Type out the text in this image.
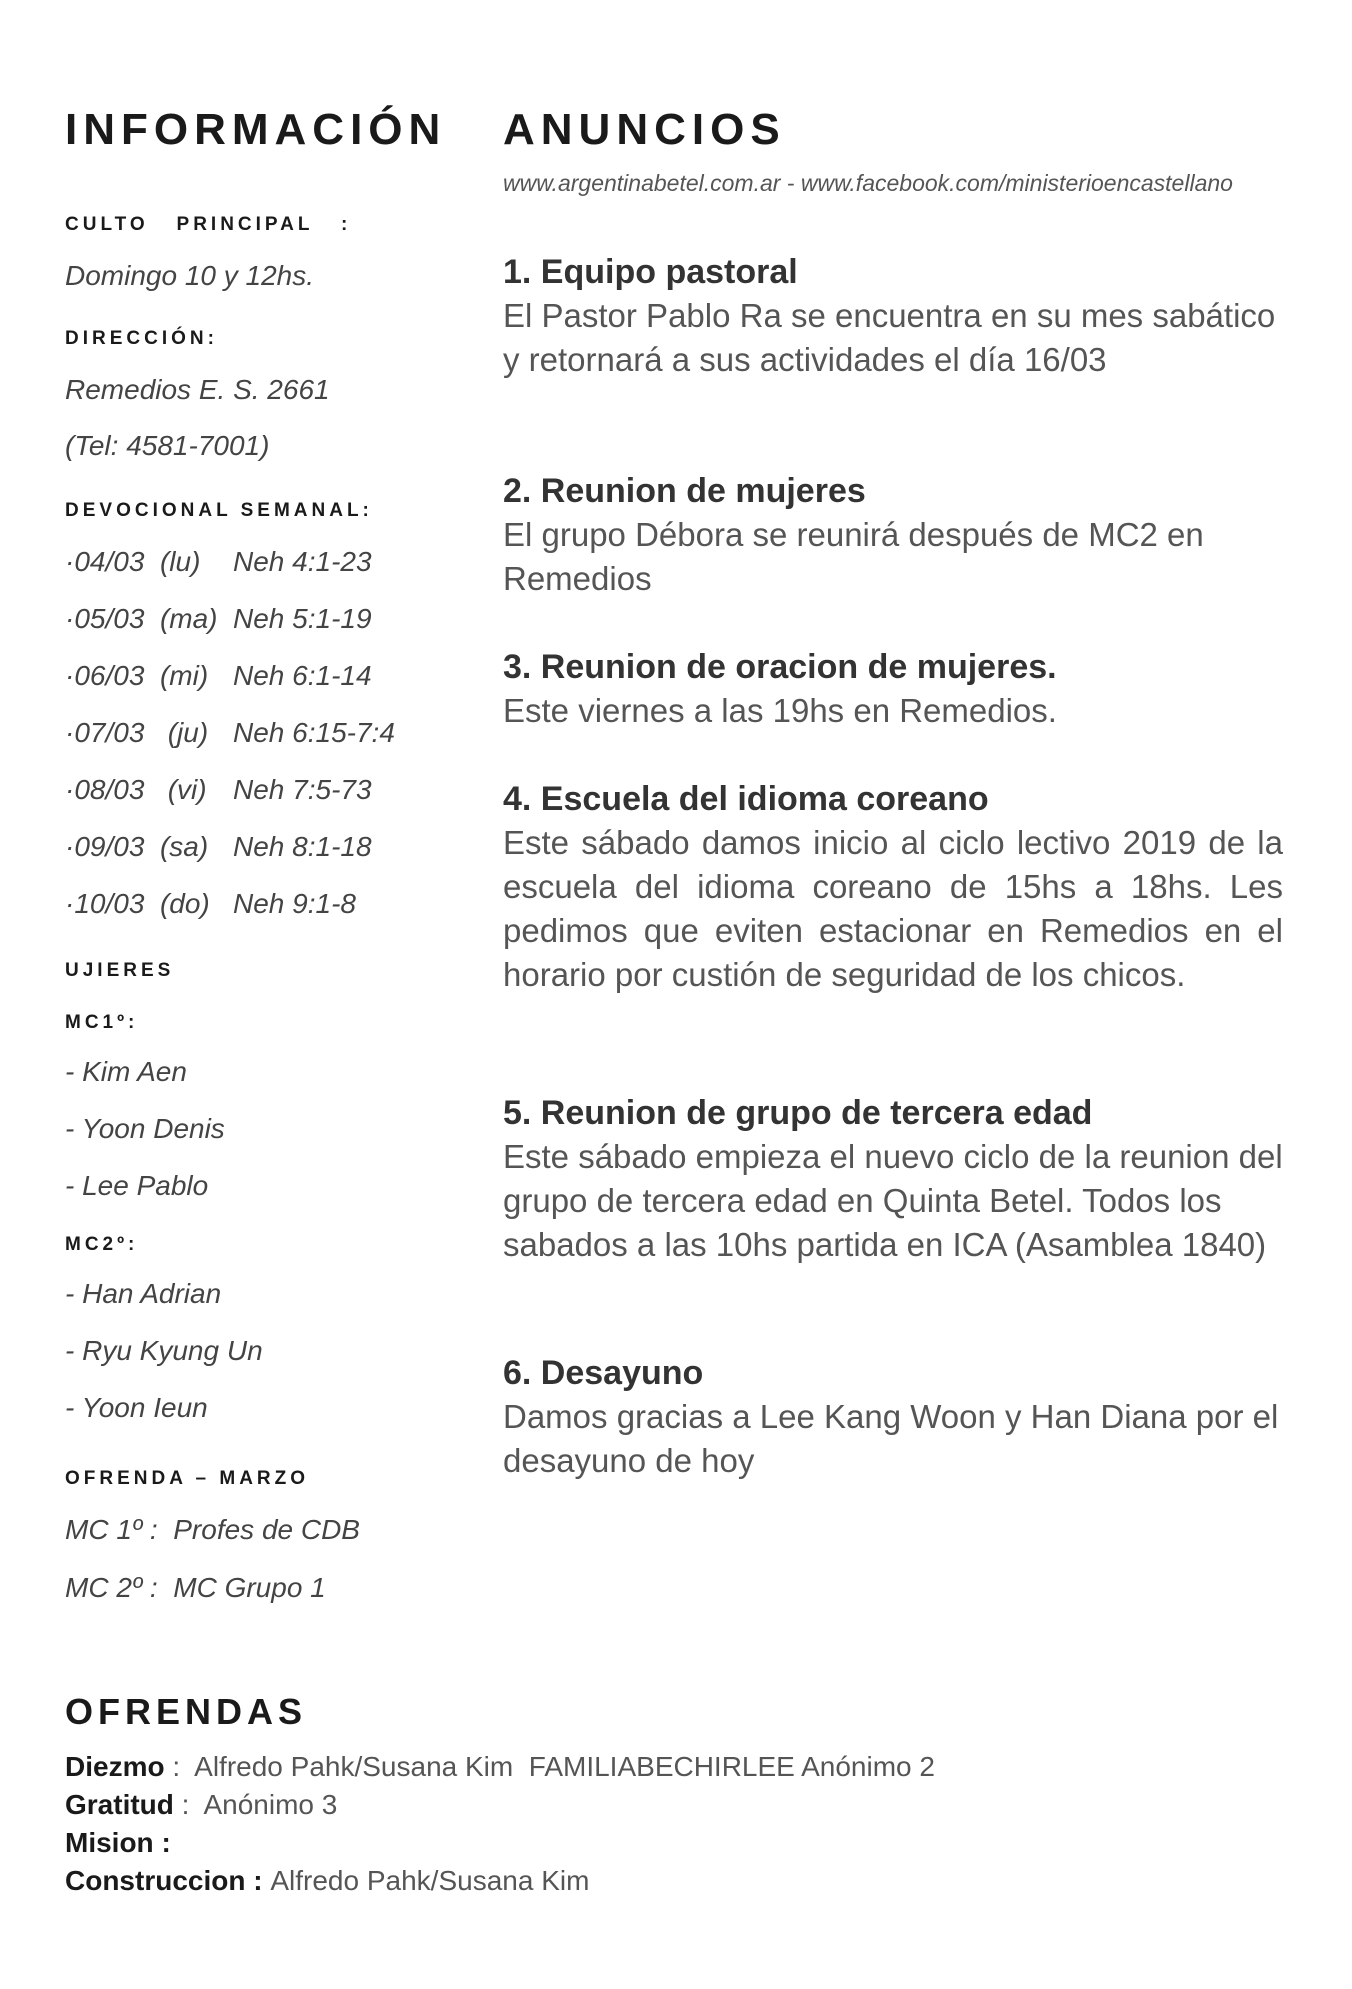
INFORMACIÓN
CULTO   PRINCIPAL   :
Domingo 10 y 12hs.
DIRECCIÓN:
Remedios E. S. 2661
(Tel: 4581-7001)
DEVOCIONAL SEMANAL:
·04/03  (lu) Neh 4:1-23
·05/03  (ma) Neh 5:1-19
·06/03  (mi) Neh 6:1-14
·07/03   (ju) Neh 6:15-7:4
·08/03   (vi) Neh 7:5-73
·09/03  (sa) Neh 8:1-18
·10/03  (do) Neh 9:1-8
UJIERES
MC1º:
- Kim Aen
- Yoon Denis
- Lee Pablo
MC2º:
- Han Adrian
- Ryu Kyung Un
- Yoon Ieun
OFRENDA – MARZO
MC 1º :  Profes de CDB
MC 2º :  MC Grupo 1
ANUNCIOS
www.argentinabetel.com.ar - www.facebook.com/ministerioencastellano
1. Equipo pastoral
El Pastor Pablo Ra se encuentra en su mes sabático y retornará a sus actividades el día 16/03
2. Reunion de mujeres
El grupo Débora se reunirá después de MC2 en Remedios
3. Reunion de oracion de mujeres.
Este viernes a las 19hs en Remedios.
4. Escuela del idioma coreano
Este sábado damos inicio al ciclo lectivo 2019 de la escuela del idioma coreano de 15hs a 18hs. Les pedimos que eviten estacionar en Remedios en el horario por custión de seguridad de los chicos.
5. Reunion de grupo de tercera edad
Este sábado empieza el nuevo ciclo de la reunion del grupo de tercera edad en Quinta Betel. Todos los sabados a las 10hs partida en ICA (Asamblea 1840)
6. Desayuno
Damos gracias a Lee Kang Woon y Han Diana por el desayuno de hoy
OFRENDAS
Diezmo :  Alfredo Pahk/Susana Kim  FAMILIABECHIRLEE Anónimo 2
Gratitud :  Anónimo 3
Mision :
Construccion : Alfredo Pahk/Susana Kim
